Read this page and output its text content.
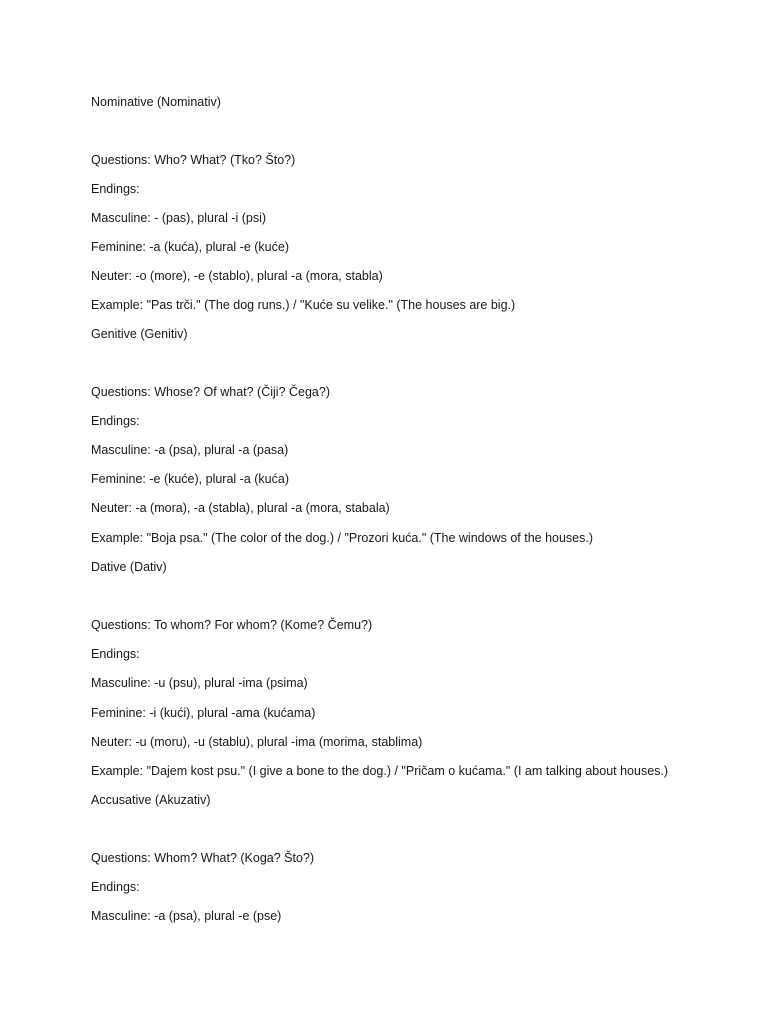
Nominative (Nominativ)
Questions: Who? What? (Tko? Što?)
Endings:
Masculine: - (pas), plural -i (psi)
Feminine: -a (kuća), plural -e (kuće)
Neuter: -o (more), -e (stablo), plural -a (mora, stabla)
Example: "Pas trči." (The dog runs.) / "Kuće su velike." (The houses are big.)
Genitive (Genitiv)
Questions: Whose? Of what? (Čiji? Čega?)
Endings:
Masculine: -a (psa), plural -a (pasa)
Feminine: -e (kuće), plural -a (kuća)
Neuter: -a (mora), -a (stabla), plural -a (mora, stabala)
Example: "Boja psa." (The color of the dog.) / "Prozori kuća." (The windows of the houses.)
Dative (Dativ)
Questions: To whom? For whom? (Kome? Čemu?)
Endings:
Masculine: -u (psu), plural -ima (psima)
Feminine: -i (kući), plural -ama (kućama)
Neuter: -u (moru), -u (stablu), plural -ima (morima, stablima)
Example: "Dajem kost psu." (I give a bone to the dog.) / "Pričam o kućama." (I am talking about houses.)
Accusative (Akuzativ)
Questions: Whom? What? (Koga? Što?)
Endings:
Masculine: -a (psa), plural -e (pse)
